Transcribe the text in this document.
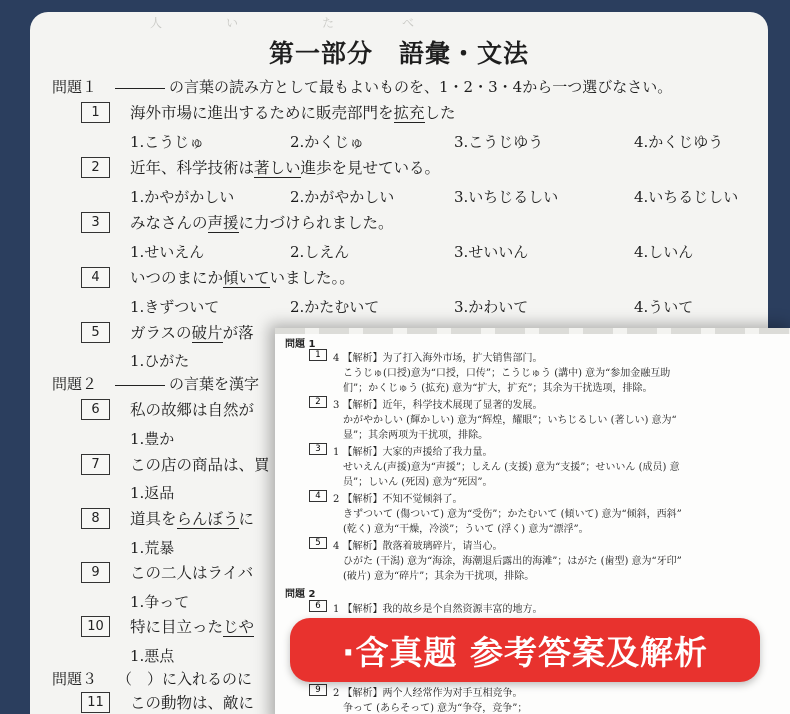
人	い	た	べ
第一部分　語彙・文法
問題１	の言葉の読み方として最もよいものを、1・2・3・4から一つ選びなさい。
1	海外市場に進出するために販売部門を拡充した
1.こうじゅ	2.かくじゅ	3.こうじゆう	4.かくじゆう
2	近年、科学技術は著しい進歩を見せている。
1.かやがかしい	2.かがやかしい	3.いちじるしい	4.いちるじしい
3	みなさんの声援に力づけられました。
1.せいえん	2.しえん	3.せいいん	4.しいん
4	いつのまにか傾いていました。。
1.きずついて	2.かたむいて	3.かわいて	4.ういて
5	ガラスの破片が落
1.ひがた
問題２	の言葉を漢字
6	私の故郷は自然が
1.豊か
7	この店の商品は、買
1.返品
8	道具をらんぼうに
1.荒暴
9	この二人はライバ
1.争って
10	特に目立ったじや
1.悪点
問題３ （　）に入れるのに
11	この動物は、敵に
問題 1
1	4 【解析】为了打入海外市场，扩大销售部门。
こうじゅ(口授)意为“口授，口传”；こうじゅう (講中) 意为“参加金融互助
们”；かくじゅう (拡充) 意为“扩大，扩充”；其余为干扰选项，排除。
2	3 【解析】近年，科学技术展现了显著的发展。
かがやかしい (輝かしい) 意为“辉煌，耀眼”；いちじるしい (著しい) 意为“
显”；其余两项为干扰项，排除。
3	1 【解析】大家的声援给了我力量。
せいえん(声援)意为“声援”；しえん (支援) 意为“支援”；せいいん (成员) 意
员”；しいん (死因) 意为“死因”。
4	2 【解析】不知不觉倾斜了。
きずついて (傷ついて) 意为“受伤”；かたむいて (傾いて) 意为“倾斜，西斜”
(乾く) 意为“干燥，冷淡”；ういて (浮く) 意为“漂浮”。
5	4 【解析】散落着玻璃碎片，请当心。
ひがた (干潟) 意为“海涂，海潮退后露出的海滩”；はがた (歯型) 意为“牙印”
(破片) 意为“碎片”；其余为干扰项，排除。
問題 2
6	1 【解析】我的故乡是个自然资源丰富的地方。
9	2 【解析】两个人经常作为对手互相竞争。
争って (あらそって) 意为“争夺，竞争”；
·含真题 参考答案及解析
